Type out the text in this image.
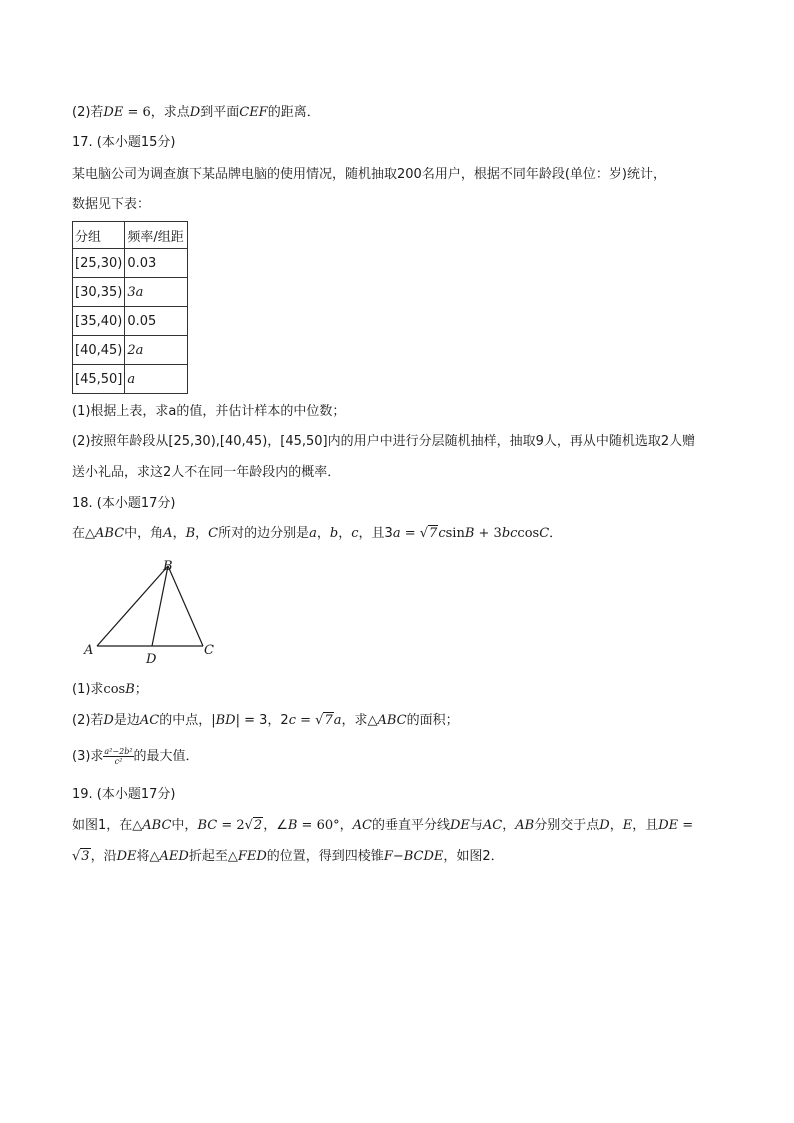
(2)若DE = 6，求点D到平面CEF的距离．
17. (本小题15分)
某电脑公司为调查旗下某品牌电脑的使用情况，随机抽取200名用户，根据不同年龄段(单位：岁)统计，
数据见下表：
分组	频率/组距
[25,30)	0.03
[30,35)	3a
[35,40)	0.05
[40,45)	2a
[45,50]	a
(1)根据上表，求a的值，并估计样本的中位数；
(2)按照年龄段从[25,30),[40,45)，[45,50]内的用户中进行分层随机抽样，抽取9人，再从中随机选取2人赠
送小礼品，求这2人不在同一年龄段内的概率．
18. (本小题17分)
在△ABC中，角A，B，C所对的边分别是a，b，c，且3a = √7csinB + 3bccosC．
A
B
C
D
(1)求cosB；
(2)若D是边AC的中点，|BD| = 3，2c = √7a，求△ABC的面积；
(3)求 $\frac{\text{a²−2b²}}{\text{c²}}$ 的最大值．
19. (本小题17分)
如图1，在△ABC中，BC = 2√2，∠B = 60°，AC的垂直平分线DE与AC，AB分别交于点D，E，且DE =
√3，沿DE将△AED折起至△FED的位置，得到四棱锥F−BCDE，如图2．
